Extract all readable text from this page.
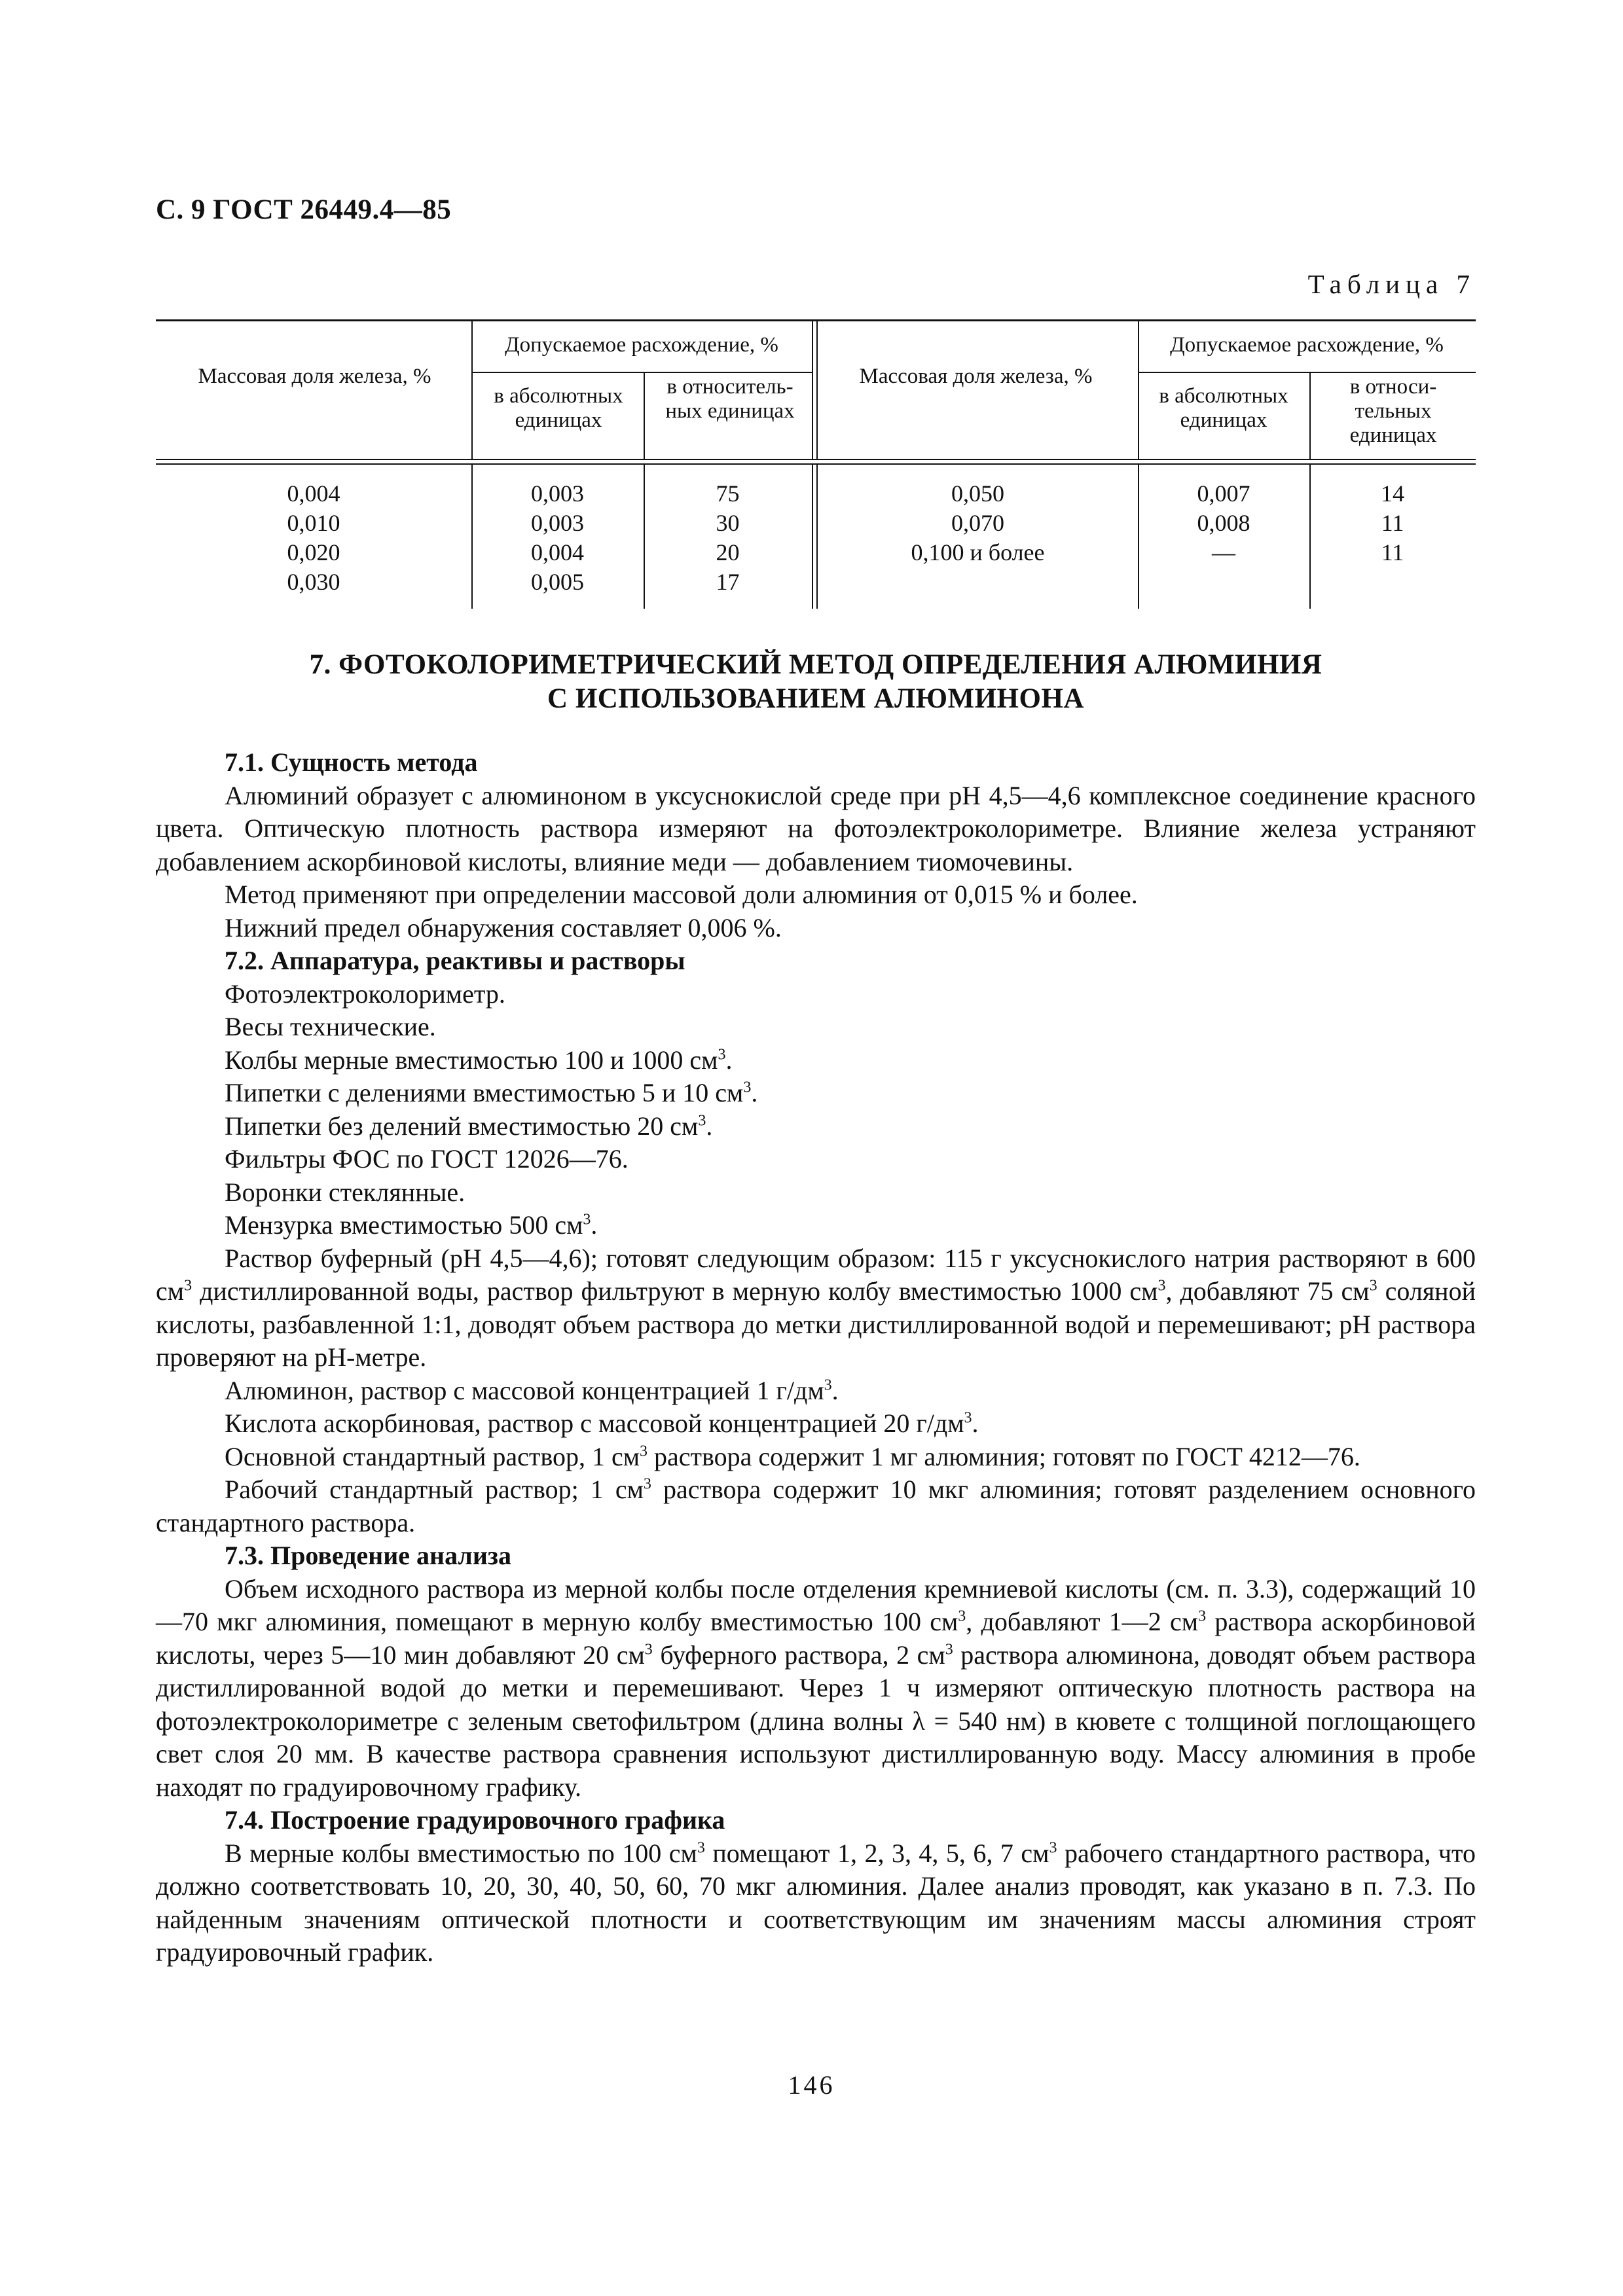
С. 9 ГОСТ 26449.4—85
Таблица 7
Массовая доля железа, %
Допускаемое расхождение, %
в абсолютных единицах
в относитель-ных единицах
Массовая доля железа, %
Допускаемое расхождение, %
в абсолютных единицах
в относи-тельных единицах
0,004
0,010
0,020
0,030
0,003
0,003
0,004
0,005
75
30
20
17
0,050
0,070
0,100 и более
0,007
0,008
—
14
11
11
7. ФОТОКОЛОРИМЕТРИЧЕСКИЙ МЕТОД ОПРЕДЕЛЕНИЯ АЛЮМИНИЯ
С ИСПОЛЬЗОВАНИЕМ АЛЮМИНОНА

7.1. Сущность метода

Алюминий образует с алюминоном в уксуснокислой среде при рН 4,5—4,6 комплексное соединение красного цвета. Оптическую плотность раствора измеряют на фотоэлектроколориметре. Влияние железа устраняют добавлением аскорбиновой кислоты, влияние меди — добавлением тиомочевины.

Метод применяют при определении массовой доли алюминия от 0,015 % и более.

Нижний предел обнаружения составляет 0,006 %.

7.2. Аппаратура, реактивы и растворы

Фотоэлектроколориметр.

Весы технические.

Колбы мерные вместимостью 100 и 1000 $см^3$.

Пипетки с делениями вместимостью 5 и 10 $см^3$.

Пипетки без делений вместимостью 20 $см^3$.

Фильтры ФОС по ГОСТ 12026—76.

Воронки стеклянные.

Мензурка вместимостью 500 $см^3$.

Раствор буферный (рН 4,5—4,6); готовят следующим образом: 115 г уксуснокислого натрия растворяют в 600 $см^3$ дистиллированной воды, раствор фильтруют в мерную колбу вместимостью 1000 $см^3$, добавляют 75 $см^3$ соляной кислоты, разбавленной 1:1, доводят объем раствора до метки дистиллированной водой и перемешивают; рН раствора проверяют на рН-метре.

Алюминон, раствор с массовой концентрацией 1 $г/дм^3$.

Кислота аскорбиновая, раствор с массовой концентрацией 20 $г/дм^3$.

Основной стандартный раствор, 1 $см^3$ раствора содержит 1 мг алюминия; готовят по ГОСТ 4212—76.

Рабочий стандартный раствор; 1 $см^3$ раствора содержит 10 мкг алюминия; готовят разделением основного стандартного раствора.

7.3. Проведение анализа

Объем исходного раствора из мерной колбы после отделения кремниевой кислоты (см. п. 3.3), содержащий 10—70 мкг алюминия, помещают в мерную колбу вместимостью 100 $см^3$, добавляют 1—2 $см^3$ раствора аскорбиновой кислоты, через 5—10 мин добавляют 20 $см^3$ буферного раствора, 2 $см^3$ раствора алюминона, доводят объем раствора дистиллированной водой до метки и перемешивают. Через 1 ч измеряют оптическую плотность раствора на фотоэлектроколориметре с зеленым светофильтром (длина волны λ = 540 нм) в кювете с толщиной поглощающего свет слоя 20 мм. В качестве раствора сравнения используют дистиллированную воду. Массу алюминия в пробе находят по градуировочному графику.

7.4. Построение градуировочного графика

В мерные колбы вместимостью по 100 $см^3$ помещают 1, 2, 3, 4, 5, 6, 7 $см^3$ рабочего стандартного раствора, что должно соответствовать 10, 20, 30, 40, 50, 60, 70 мкг алюминия. Далее анализ проводят, как указано в п. 7.3. По найденным значениям оптической плотности и соответствующим им значениям массы алюминия строят градуировочный график.

146
